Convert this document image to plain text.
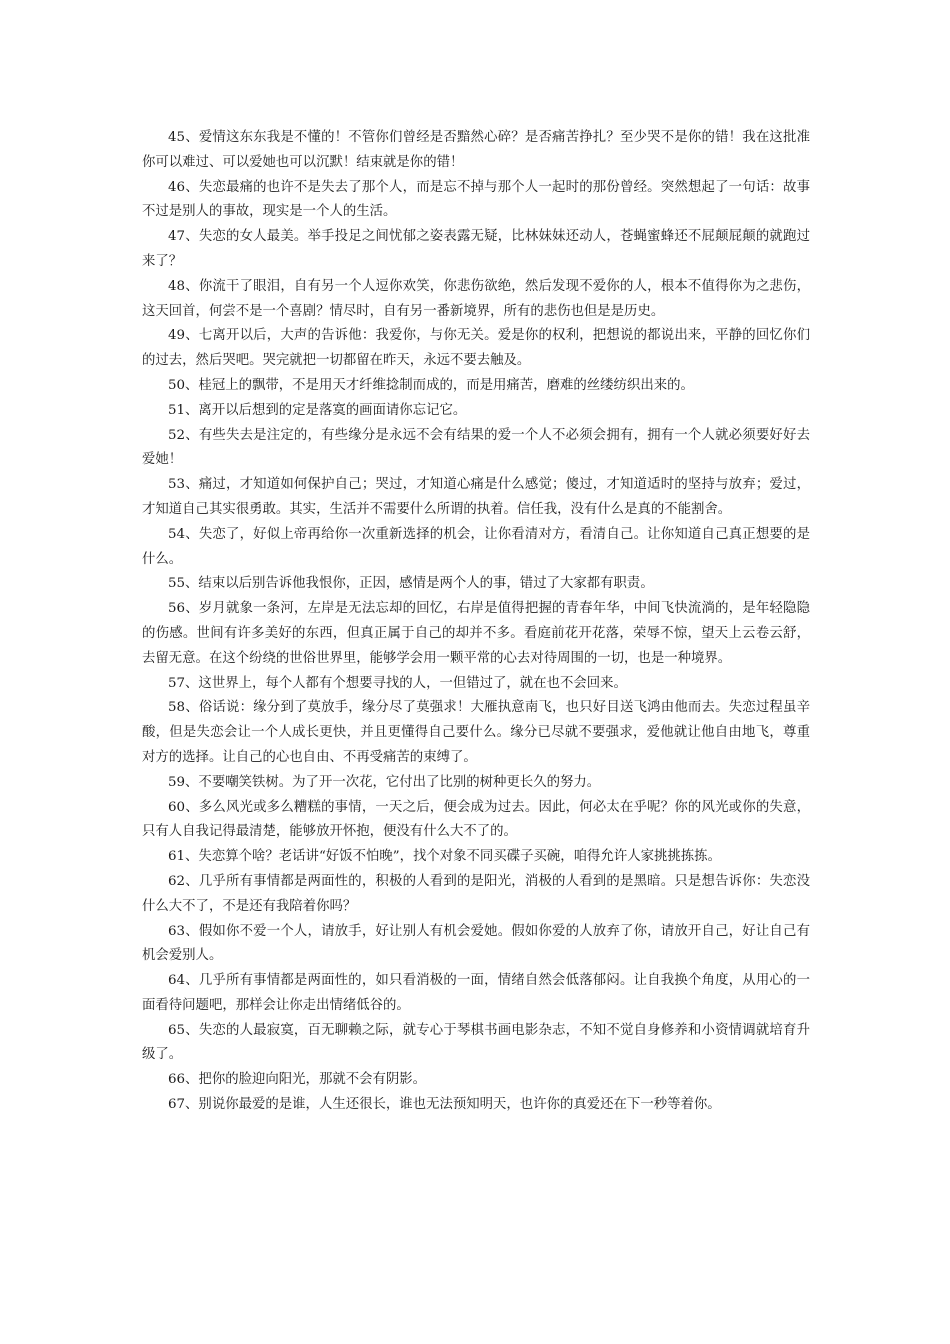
45、爱情这东东我是不懂的！不管你们曾经是否黯然心碎？是否痛苦挣扎？至少哭不是你的错！我在这批准你可以难过、可以爱她也可以沉默！结束就是你的错！

46、失恋最痛的也许不是失去了那个人，而是忘不掉与那个人一起时的那份曾经。突然想起了一句话：故事不过是别人的事故，现实是一个人的生活。

47、失恋的女人最美。举手投足之间忧郁之姿表露无疑，比林妹妹还动人，苍蝇蜜蜂还不屁颠屁颠的就跑过来了？

48、你流干了眼泪，自有另一个人逗你欢笑，你悲伤欲绝，然后发现不爱你的人，根本不值得你为之悲伤，这天回首，何尝不是一个喜剧？情尽时，自有另一番新境界，所有的悲伤也但是是历史。

49、七离开以后，大声的告诉他：我爱你，与你无关。爱是你的权利，把想说的都说出来，平静的回忆你们的过去，然后哭吧。哭完就把一切都留在昨天，永远不要去触及。

50、桂冠上的飘带，不是用天才纤维捻制而成的，而是用痛苦，磨难的丝缕纺织出来的。

51、离开以后想到的定是落寞的画面请你忘记它。

52、有些失去是注定的，有些缘分是永远不会有结果的爱一个人不必须会拥有，拥有一个人就必须要好好去爱她！

53、痛过，才知道如何保护自己；哭过，才知道心痛是什么感觉；傻过，才知道适时的坚持与放弃；爱过，才知道自己其实很勇敢。其实，生活并不需要什么所谓的执着。信任我，没有什么是真的不能割舍。

54、失恋了，好似上帝再给你一次重新选择的机会，让你看清对方，看清自己。让你知道自己真正想要的是什么。

55、结束以后别告诉他我恨你，正因，感情是两个人的事，错过了大家都有职责。

56、岁月就象一条河，左岸是无法忘却的回忆，右岸是值得把握的青春年华，中间飞快流淌的，是年轻隐隐的伤感。世间有许多美好的东西，但真正属于自己的却并不多。看庭前花开花落，荣辱不惊，望天上云卷云舒，去留无意。在这个纷绕的世俗世界里，能够学会用一颗平常的心去对待周围的一切，也是一种境界。

57、这世界上，每个人都有个想要寻找的人，一但错过了，就在也不会回来。

58、俗话说：缘分到了莫放手，缘分尽了莫强求！大雁执意南飞，也只好目送飞鸿由他而去。失恋过程虽辛酸，但是失恋会让一个人成长更快，并且更懂得自己要什么。缘分已尽就不要强求，爱他就让他自由地飞，尊重对方的选择。让自己的心也自由、不再受痛苦的束缚了。

59、不要嘲笑铁树。为了开一次花，它付出了比别的树种更长久的努力。

60、多么风光或多么糟糕的事情，一天之后，便会成为过去。因此，何必太在乎呢？你的风光或你的失意，只有人自我记得最清楚，能够放开怀抱，便没有什么大不了的。

61、失恋算个啥？老话讲“好饭不怕晚”，找个对象不同买碟子买碗，咱得允许人家挑挑拣拣。

62、几乎所有事情都是两面性的，积极的人看到的是阳光，消极的人看到的是黑暗。只是想告诉你：失恋没什么大不了，不是还有我陪着你吗？

63、假如你不爱一个人，请放手，好让别人有机会爱她。假如你爱的人放弃了你，请放开自己，好让自己有机会爱别人。

64、几乎所有事情都是两面性的，如只看消极的一面，情绪自然会低落郁闷。让自我换个角度，从用心的一面看待问题吧，那样会让你走出情绪低谷的。

65、失恋的人最寂寞，百无聊赖之际，就专心于琴棋书画电影杂志，不知不觉自身修养和小资情调就培育升级了。

66、把你的脸迎向阳光，那就不会有阴影。

67、别说你最爱的是谁，人生还很长，谁也无法预知明天，也许你的真爱还在下一秒等着你。
